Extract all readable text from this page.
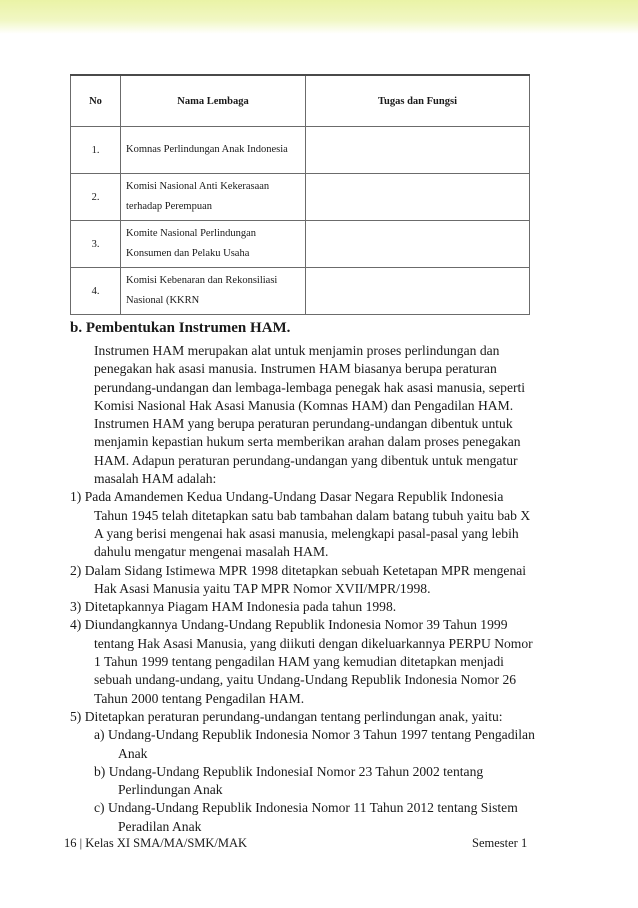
No	Nama Lembaga	Tugas dan Fungsi
1.	Komnas Perlindungan Anak Indonesia	
2.	Komisi Nasional Anti Kekerasaan terhadap Perempuan	
3.	Komite Nasional Perlindungan Konsumen dan Pelaku Usaha	
4.	Komisi Kebenaran dan Rekonsiliasi Nasional (KKRN	
b. Pembentukan Instrumen HAM.

Instrumen HAM merupakan alat untuk menjamin proses perlindungan dan penegakan hak asasi manusia. Instrumen HAM biasanya berupa peraturan perundang-undangan dan lembaga-lembaga penegak hak asasi manusia, seperti Komisi Nasional Hak Asasi Manusia (Komnas HAM) dan Pengadilan HAM. Instrumen HAM yang berupa peraturan perundang-undangan dibentuk untuk menjamin kepastian hukum serta memberikan arahan dalam proses penegakan HAM. Adapun peraturan perundang-undangan yang dibentuk untuk mengatur masalah HAM adalah:

1) Pada Amandemen Kedua Undang-Undang Dasar Negara Republik Indonesia Tahun 1945 telah ditetapkan satu bab tambahan dalam batang tubuh yaitu bab X A yang berisi mengenai hak asasi manusia, melengkapi pasal-pasal yang lebih dahulu mengatur mengenai masalah HAM.

2) Dalam Sidang Istimewa MPR 1998 ditetapkan sebuah Ketetapan MPR mengenai Hak Asasi Manusia yaitu TAP MPR Nomor XVII/MPR/1998.

3) Ditetapkannya Piagam HAM Indonesia pada tahun 1998.

4) Diundangkannya Undang-Undang Republik Indonesia Nomor 39 Tahun 1999 tentang Hak Asasi Manusia, yang diikuti dengan dikeluarkannya PERPU Nomor 1 Tahun 1999 tentang pengadilan HAM yang kemudian ditetapkan menjadi sebuah undang-undang, yaitu Undang-Undang Republik Indonesia Nomor 26 Tahun 2000 tentang Pengadilan HAM.

5) Ditetapkan peraturan perundang-undangan tentang perlindungan anak, yaitu:

a) Undang-Undang Republik Indonesia Nomor 3 Tahun 1997 tentang Pengadilan Anak

b) Undang-Undang Republik IndonesiaI Nomor 23 Tahun 2002 tentang Perlindungan Anak

c) Undang-Undang Republik Indonesia Nomor 11 Tahun 2012 tentang Sistem Peradilan Anak

16 | Kelas XI SMA/MA/SMK/MAK	Semester 1
